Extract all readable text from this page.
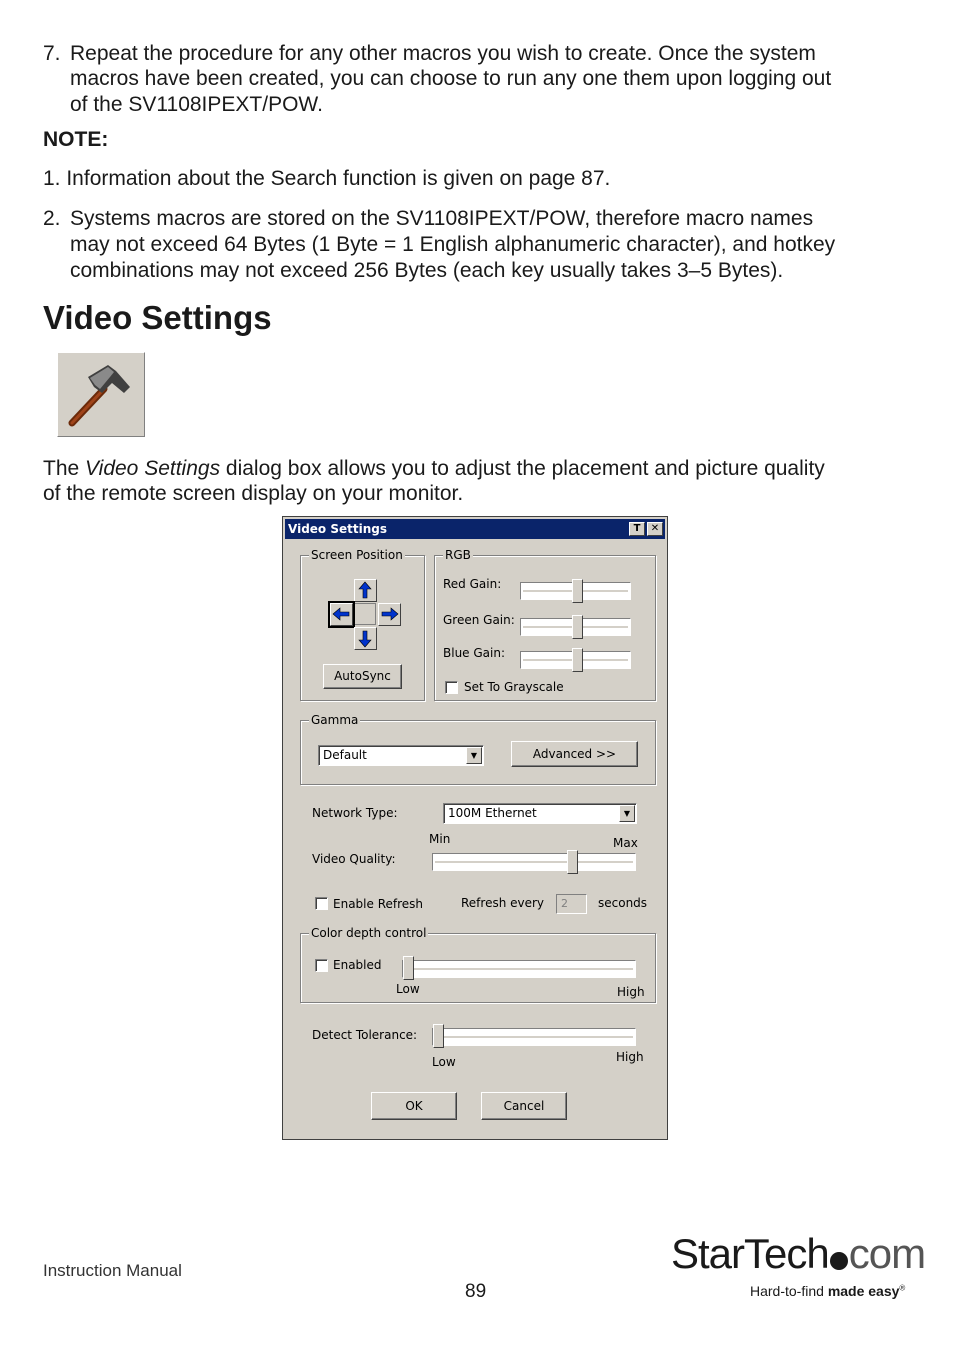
7. Repeat the procedure for any other macros you wish to create. Once the system
macros have been created, you can choose to run any one them upon logging out
of the SV1108IPEXT/POW.
NOTE:
1. Information about the Search function is given on page 87.
2. Systems macros are stored on the SV1108IPEXT/POW, therefore macro names
may not exceed 64 Bytes (1 Byte = 1 English alphanumeric character), and hotkey
combinations may not exceed 256 Bytes (each key usually takes 3–5 Bytes).
Video Settings
The Video Settings dialog box allows you to adjust the placement and picture quality
of the remote screen display on your monitor.
Video Settings	T	✕
Screen Position
AutoSync
RGB
Red Gain:
Green Gain:
Blue Gain:
Set To Grayscale
Gamma
Default	▼	Advanced >>
Network Type:	100M Ethernet	▼
Min	Max
Video Quality:
Enable Refresh	Refresh every	2	seconds
Color depth control
Enabled
Low	High
Detect Tolerance:
Low	High
OK	Cancel
Instruction Manual
89
StarTech com
Hard-to-find made easy®
